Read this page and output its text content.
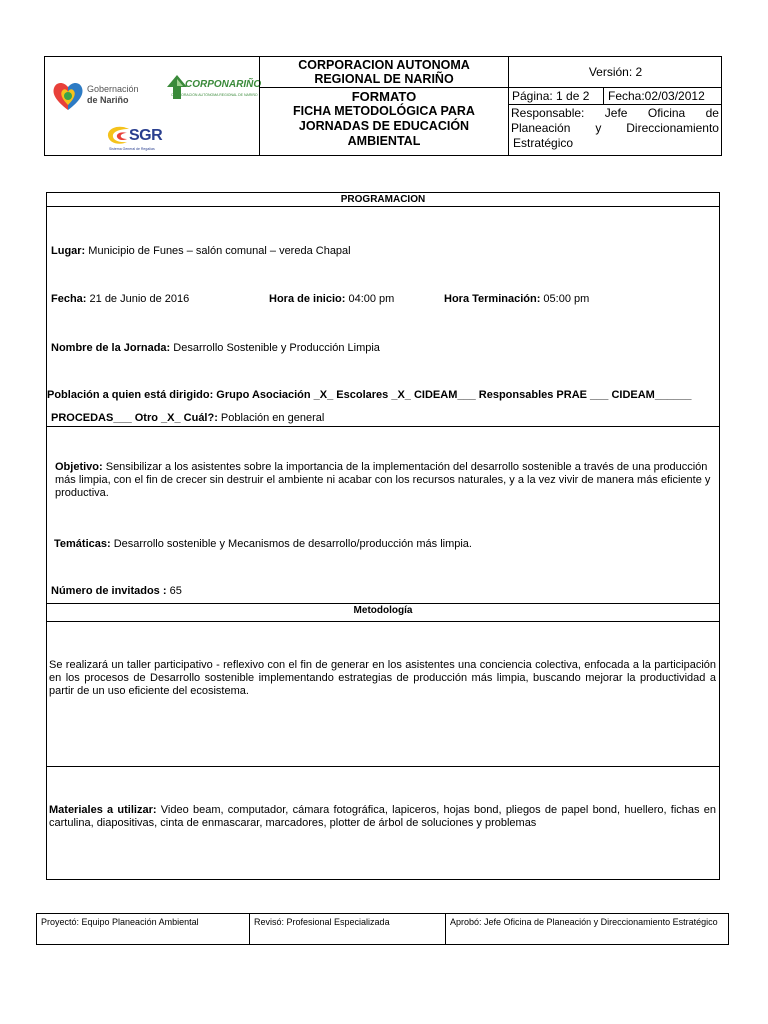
Gobernación
de Nariño
CORPONARIÑO
CORPORACIÓN AUTÓNOMA REGIONAL DE NARIÑO
SGR
Sistema General de Regalías
CORPORACION AUTONOMA
REGIONAL DE NARIÑO
FORMATO
FICHA METODOLÓGICA PARA
JORNADAS DE EDUCACIÓN
AMBIENTAL
Versión: 2
Página: 1 de 2	Fecha:02/03/2012
Responsable: Jefe Oficina de
Planeación y Direccionamiento
Estratégico
PROGRAMACION
Lugar: Municipio de Funes – salón comunal – vereda Chapal
Fecha: 21 de Junio de 2016	Hora de inicio: 04:00 pm	Hora Terminación: 05:00 pm
Nombre de la Jornada: Desarrollo Sostenible y Producción Limpia
Población a quien está dirigido: Grupo Asociación _X_ Escolares _X_ CIDEAM___ Responsables PRAE ___ CIDEAM______
PROCEDAS___ Otro _X_ Cuál?: Población en general
Objetivo: Sensibilizar a los asistentes sobre la importancia de la implementación del desarrollo sostenible a través de una producción más limpia, con el fin de crecer sin destruir el ambiente ni acabar con los recursos naturales, y a la vez vivir de manera más eficiente y productiva.
Temáticas: Desarrollo sostenible y Mecanismos de desarrollo/producción más limpia.
Número de invitados : 65
Metodología
Se realizará un taller participativo - reflexivo con el fin de generar en los asistentes una conciencia colectiva, enfocada a la participación en los procesos de Desarrollo sostenible implementando estrategias de producción más limpia, buscando mejorar la productividad a partir de un uso eficiente del ecosistema.
Materiales a utilizar: Video beam, computador, cámara fotográfica, lapiceros, hojas bond, pliegos de papel bond, huellero, fichas en cartulina, diapositivas, cinta de enmascarar, marcadores, plotter de árbol de soluciones y problemas
Proyectó: Equipo Planeación Ambiental	Revisó: Profesional Especializada	Aprobó: Jefe Oficina de Planeación y Direccionamiento Estratégico
